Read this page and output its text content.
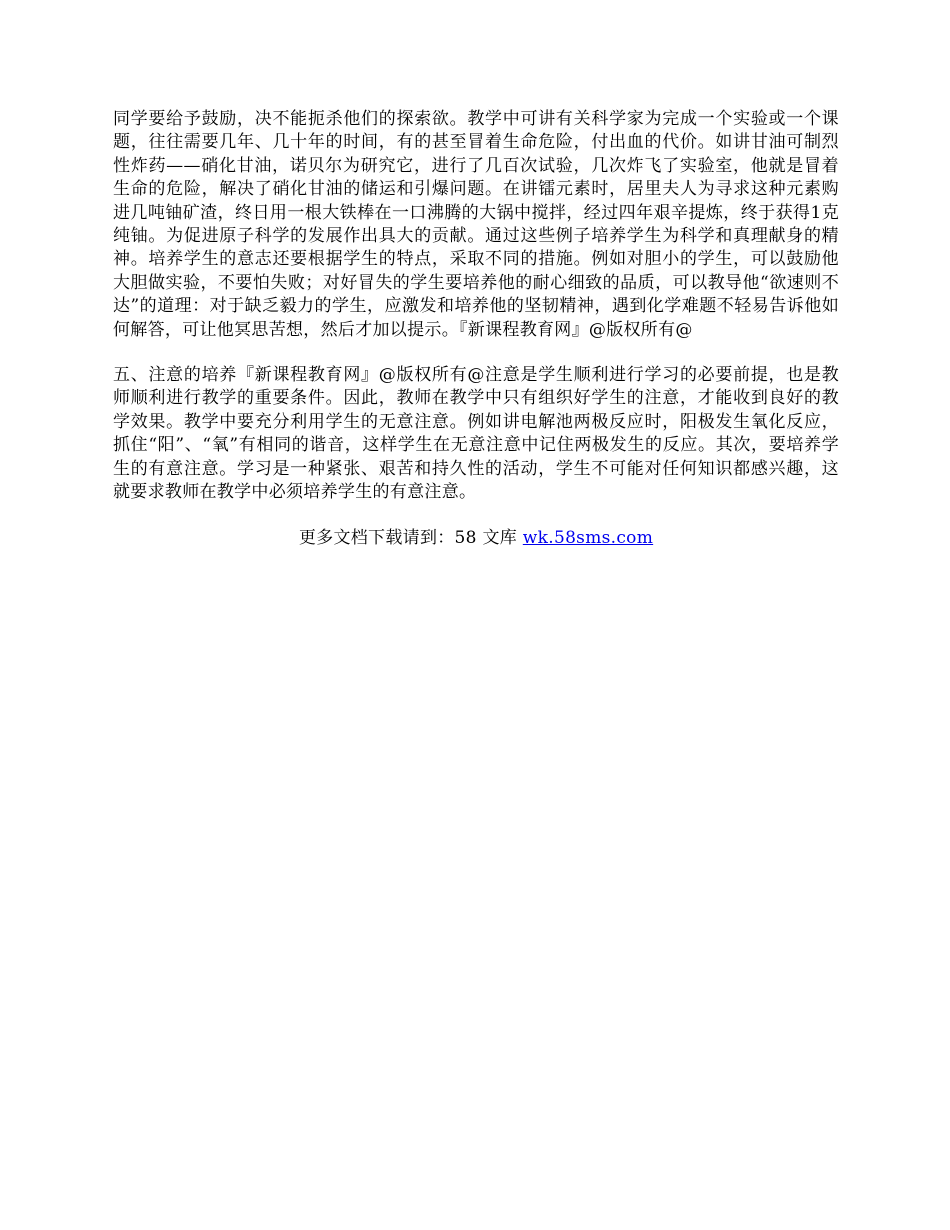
同学要给予鼓励，决不能扼杀他们的探索欲。教学中可讲有关科学家为完成一个实验或一个课题，往往需要几年、几十年的时间，有的甚至冒着生命危险，付出血的代价。如讲甘油可制烈性炸药——硝化甘油，诺贝尔为研究它，进行了几百次试验，几次炸飞了实验室，他就是冒着生命的危险，解决了硝化甘油的储运和引爆问题。在讲镭元素时，居里夫人为寻求这种元素购进几吨铀矿渣，终日用一根大铁棒在一口沸腾的大锅中搅拌，经过四年艰辛提炼，终于获得1克纯铀。为促进原子科学的发展作出具大的贡献。通过这些例子培养学生为科学和真理献身的精神。培养学生的意志还要根据学生的特点，采取不同的措施。例如对胆小的学生，可以鼓励他大胆做实验，不要怕失败；对好冒失的学生要培养他的耐心细致的品质，可以教导他“欲速则不达”的道理：对于缺乏毅力的学生，应激发和培养他的坚韧精神，遇到化学难题不轻易告诉他如何解答，可让他冥思苦想，然后才加以提示。『新课程教育网』@版权所有@

五、注意的培养『新课程教育网』@版权所有@注意是学生顺利进行学习的必要前提，也是教师顺利进行教学的重要条件。因此，教师在教学中只有组织好学生的注意，才能收到良好的教学效果。教学中要充分利用学生的无意注意。例如讲电解池两极反应时，阳极发生氧化反应，抓住“阳”、“氧”有相同的谐音，这样学生在无意注意中记住两极发生的反应。其次，要培养学生的有意注意。学习是一种紧张、艰苦和持久性的活动，学生不可能对任何知识都感兴趣，这就要求教师在教学中必须培养学生的有意注意。

更多文档下载请到：58 文库 wk.58sms.com
